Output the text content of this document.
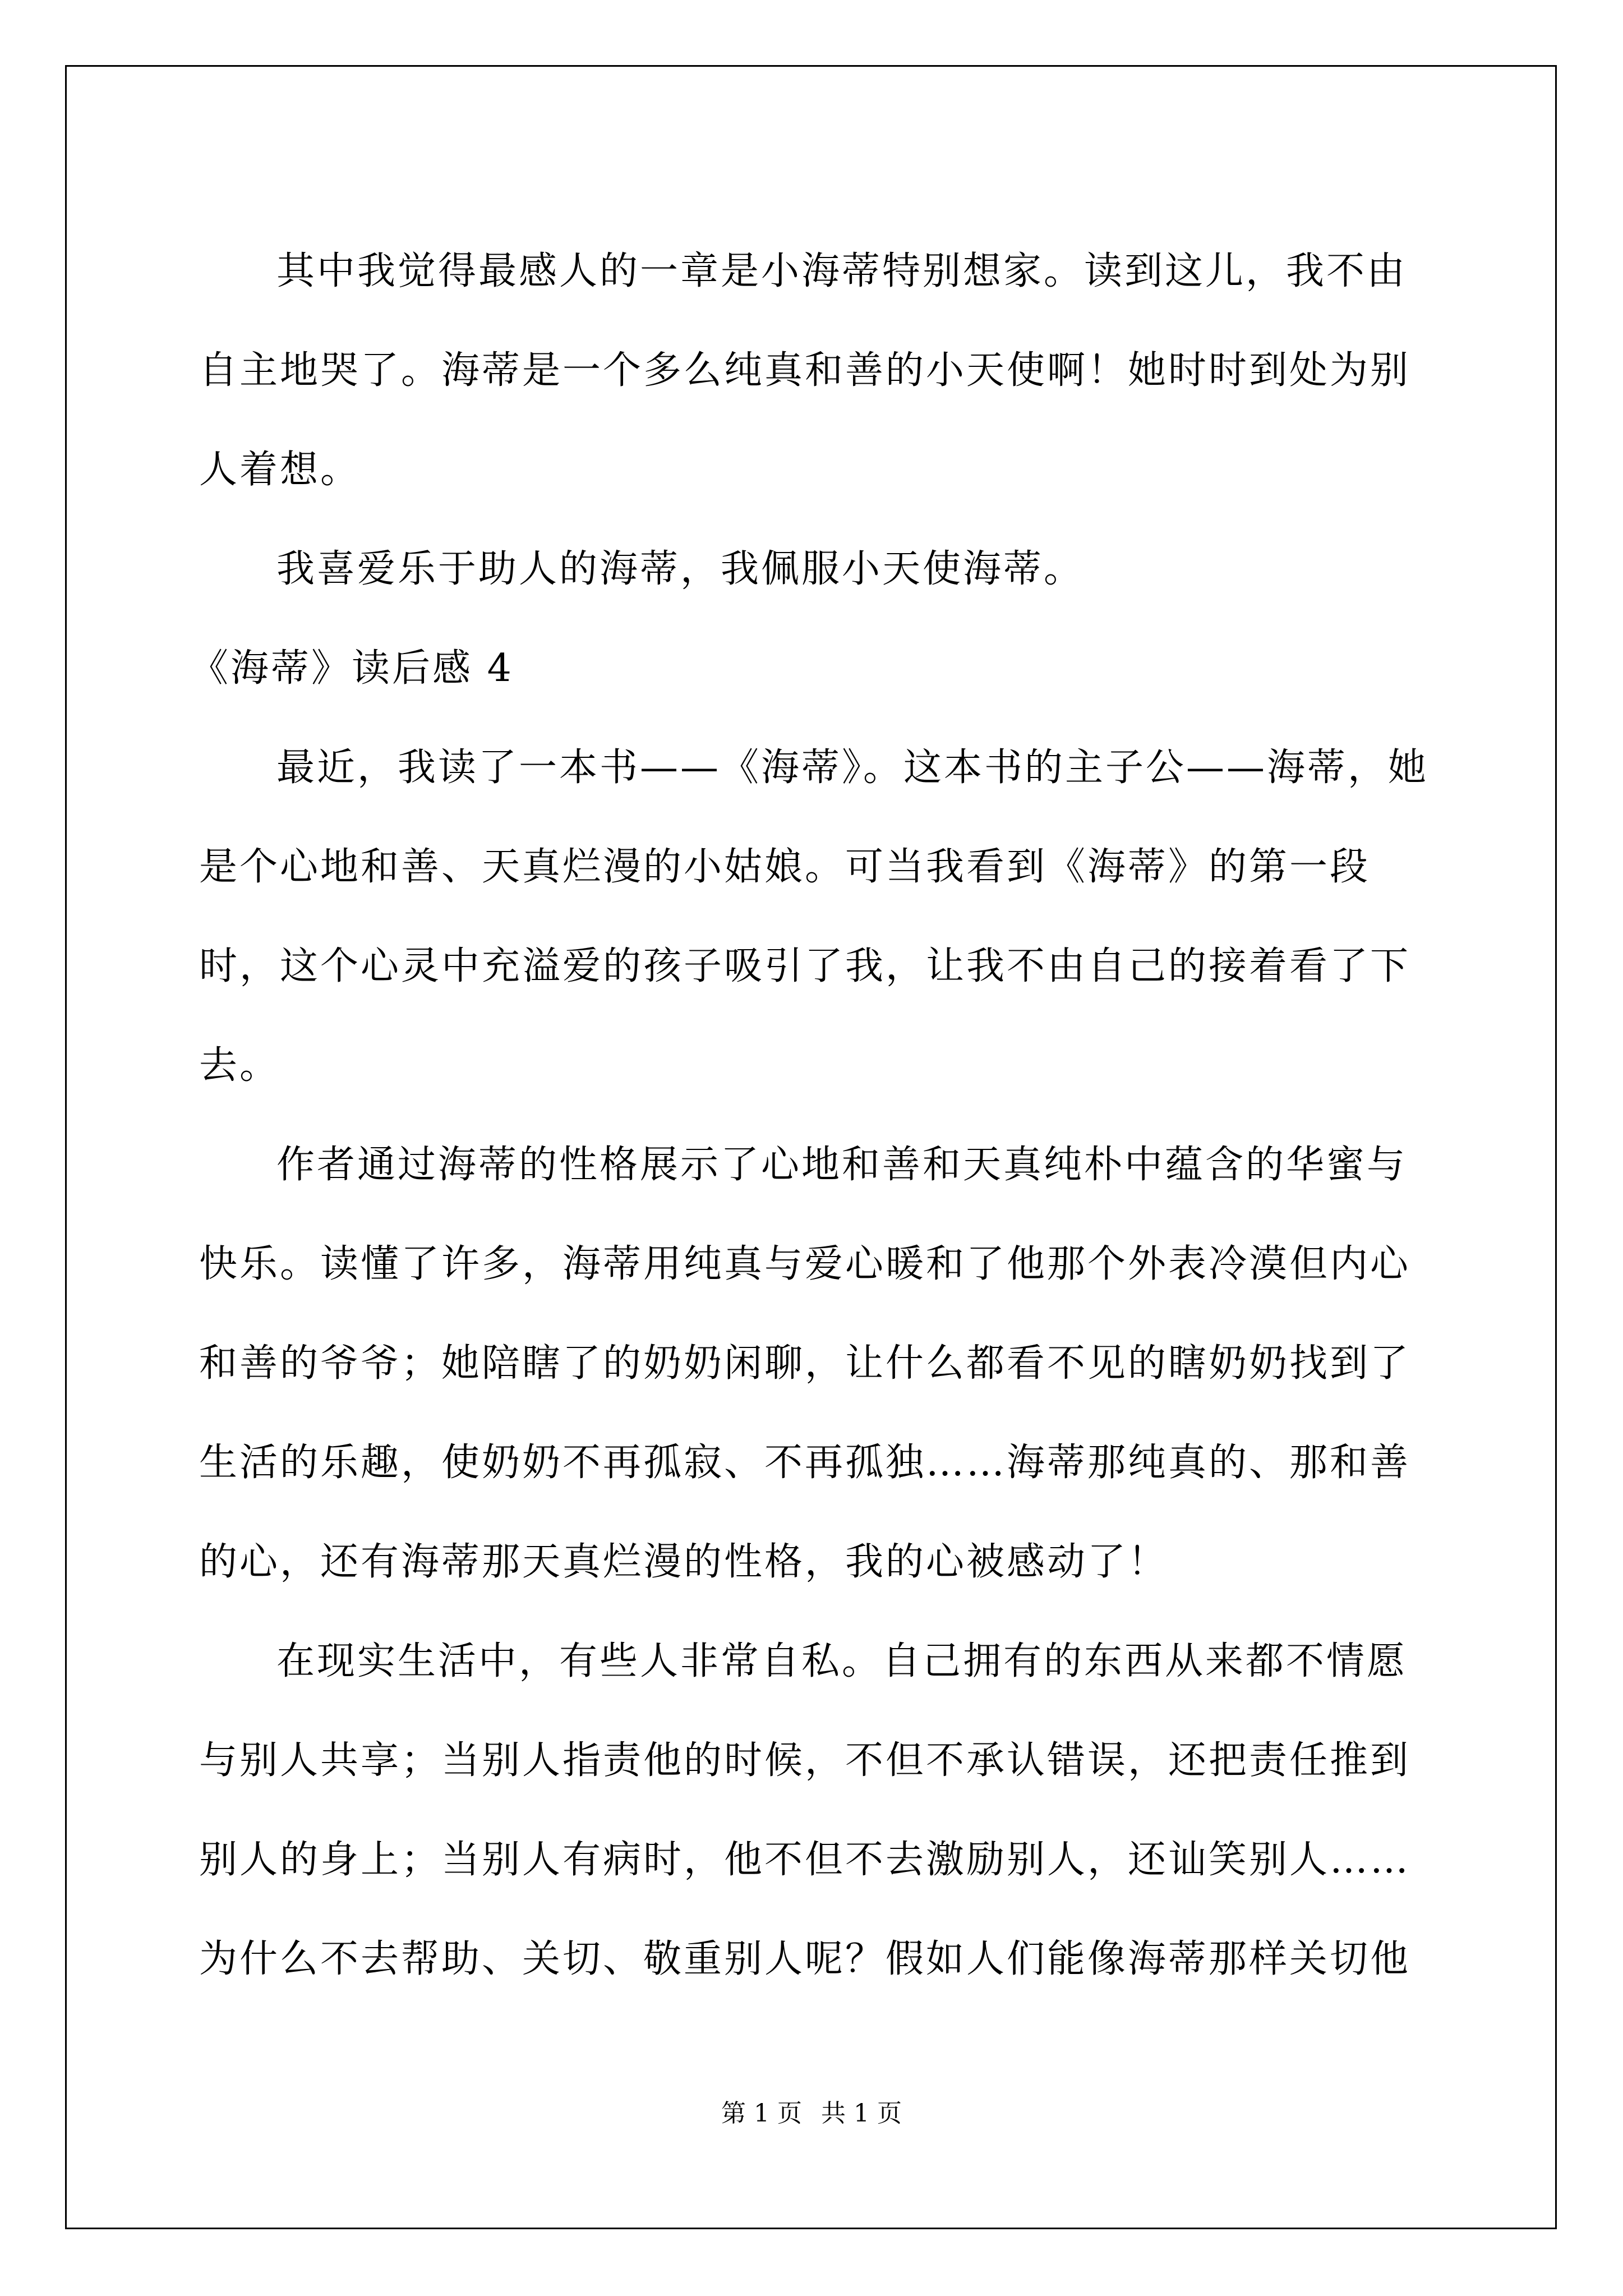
其中我觉得最感人的一章是小海蒂特别想家。读到这儿，我不由自主地哭了。海蒂是一个多么纯真和善的小天使啊！她时时到处为别人着想。

我喜爱乐于助人的海蒂，我佩服小天使海蒂。

《海蒂》读后感 4

最近，我读了一本书——《海蒂》。这本书的主子公——海蒂，她是个心地和善、天真烂漫的小姑娘。可当我看到《海蒂》的第一段时，这个心灵中充溢爱的孩子吸引了我，让我不由自己的接着看了下去。

作者通过海蒂的性格展示了心地和善和天真纯朴中蕴含的华蜜与快乐。读懂了许多，海蒂用纯真与爱心暖和了他那个外表冷漠但内心和善的爷爷；她陪瞎了的奶奶闲聊，让什么都看不见的瞎奶奶找到了生活的乐趣，使奶奶不再孤寂、不再孤独……海蒂那纯真的、那和善的心，还有海蒂那天真烂漫的性格，我的心被感动了！

在现实生活中，有些人非常自私。自己拥有的东西从来都不情愿与别人共享；当别人指责他的时候，不但不承认错误，还把责任推到别人的身上；当别人有病时，他不但不去激励别人，还讪笑别人……为什么不去帮助、关切、敬重别人呢？假如人们能像海蒂那样关切他

第 1 页 共 1 页
